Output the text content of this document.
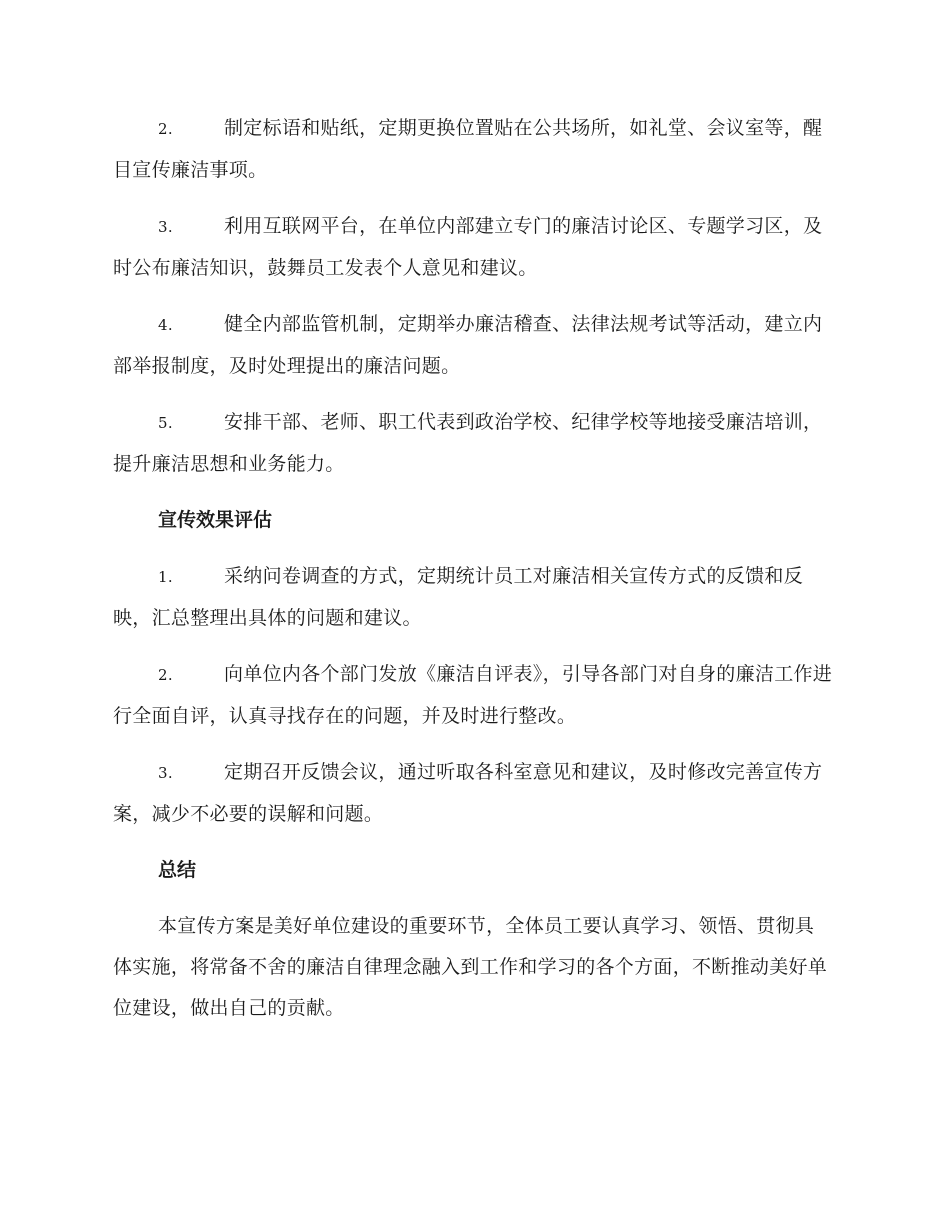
2.	制定标语和贴纸，定期更换位置贴在公共场所，如礼堂、会议室等，醒目宣传廉洁事项。

3.	利用互联网平台，在单位内部建立专门的廉洁讨论区、专题学习区，及时公布廉洁知识，鼓舞员工发表个人意见和建议。

4.	健全内部监管机制，定期举办廉洁稽查、法律法规考试等活动，建立内部举报制度，及时处理提出的廉洁问题。

5.	安排干部、老师、职工代表到政治学校、纪律学校等地接受廉洁培训，提升廉洁思想和业务能力。

宣传效果评估

1.	采纳问卷调查的方式，定期统计员工对廉洁相关宣传方式的反馈和反映，汇总整理出具体的问题和建议。

2.	向单位内各个部门发放《廉洁自评表》，引导各部门对自身的廉洁工作进行全面自评，认真寻找存在的问题，并及时进行整改。

3.	定期召开反馈会议，通过听取各科室意见和建议，及时修改完善宣传方案，减少不必要的误解和问题。

总结

本宣传方案是美好单位建设的重要环节，全体员工要认真学习、领悟、贯彻具体实施，将常备不舍的廉洁自律理念融入到工作和学习的各个方面，不断推动美好单位建设，做出自己的贡献。
